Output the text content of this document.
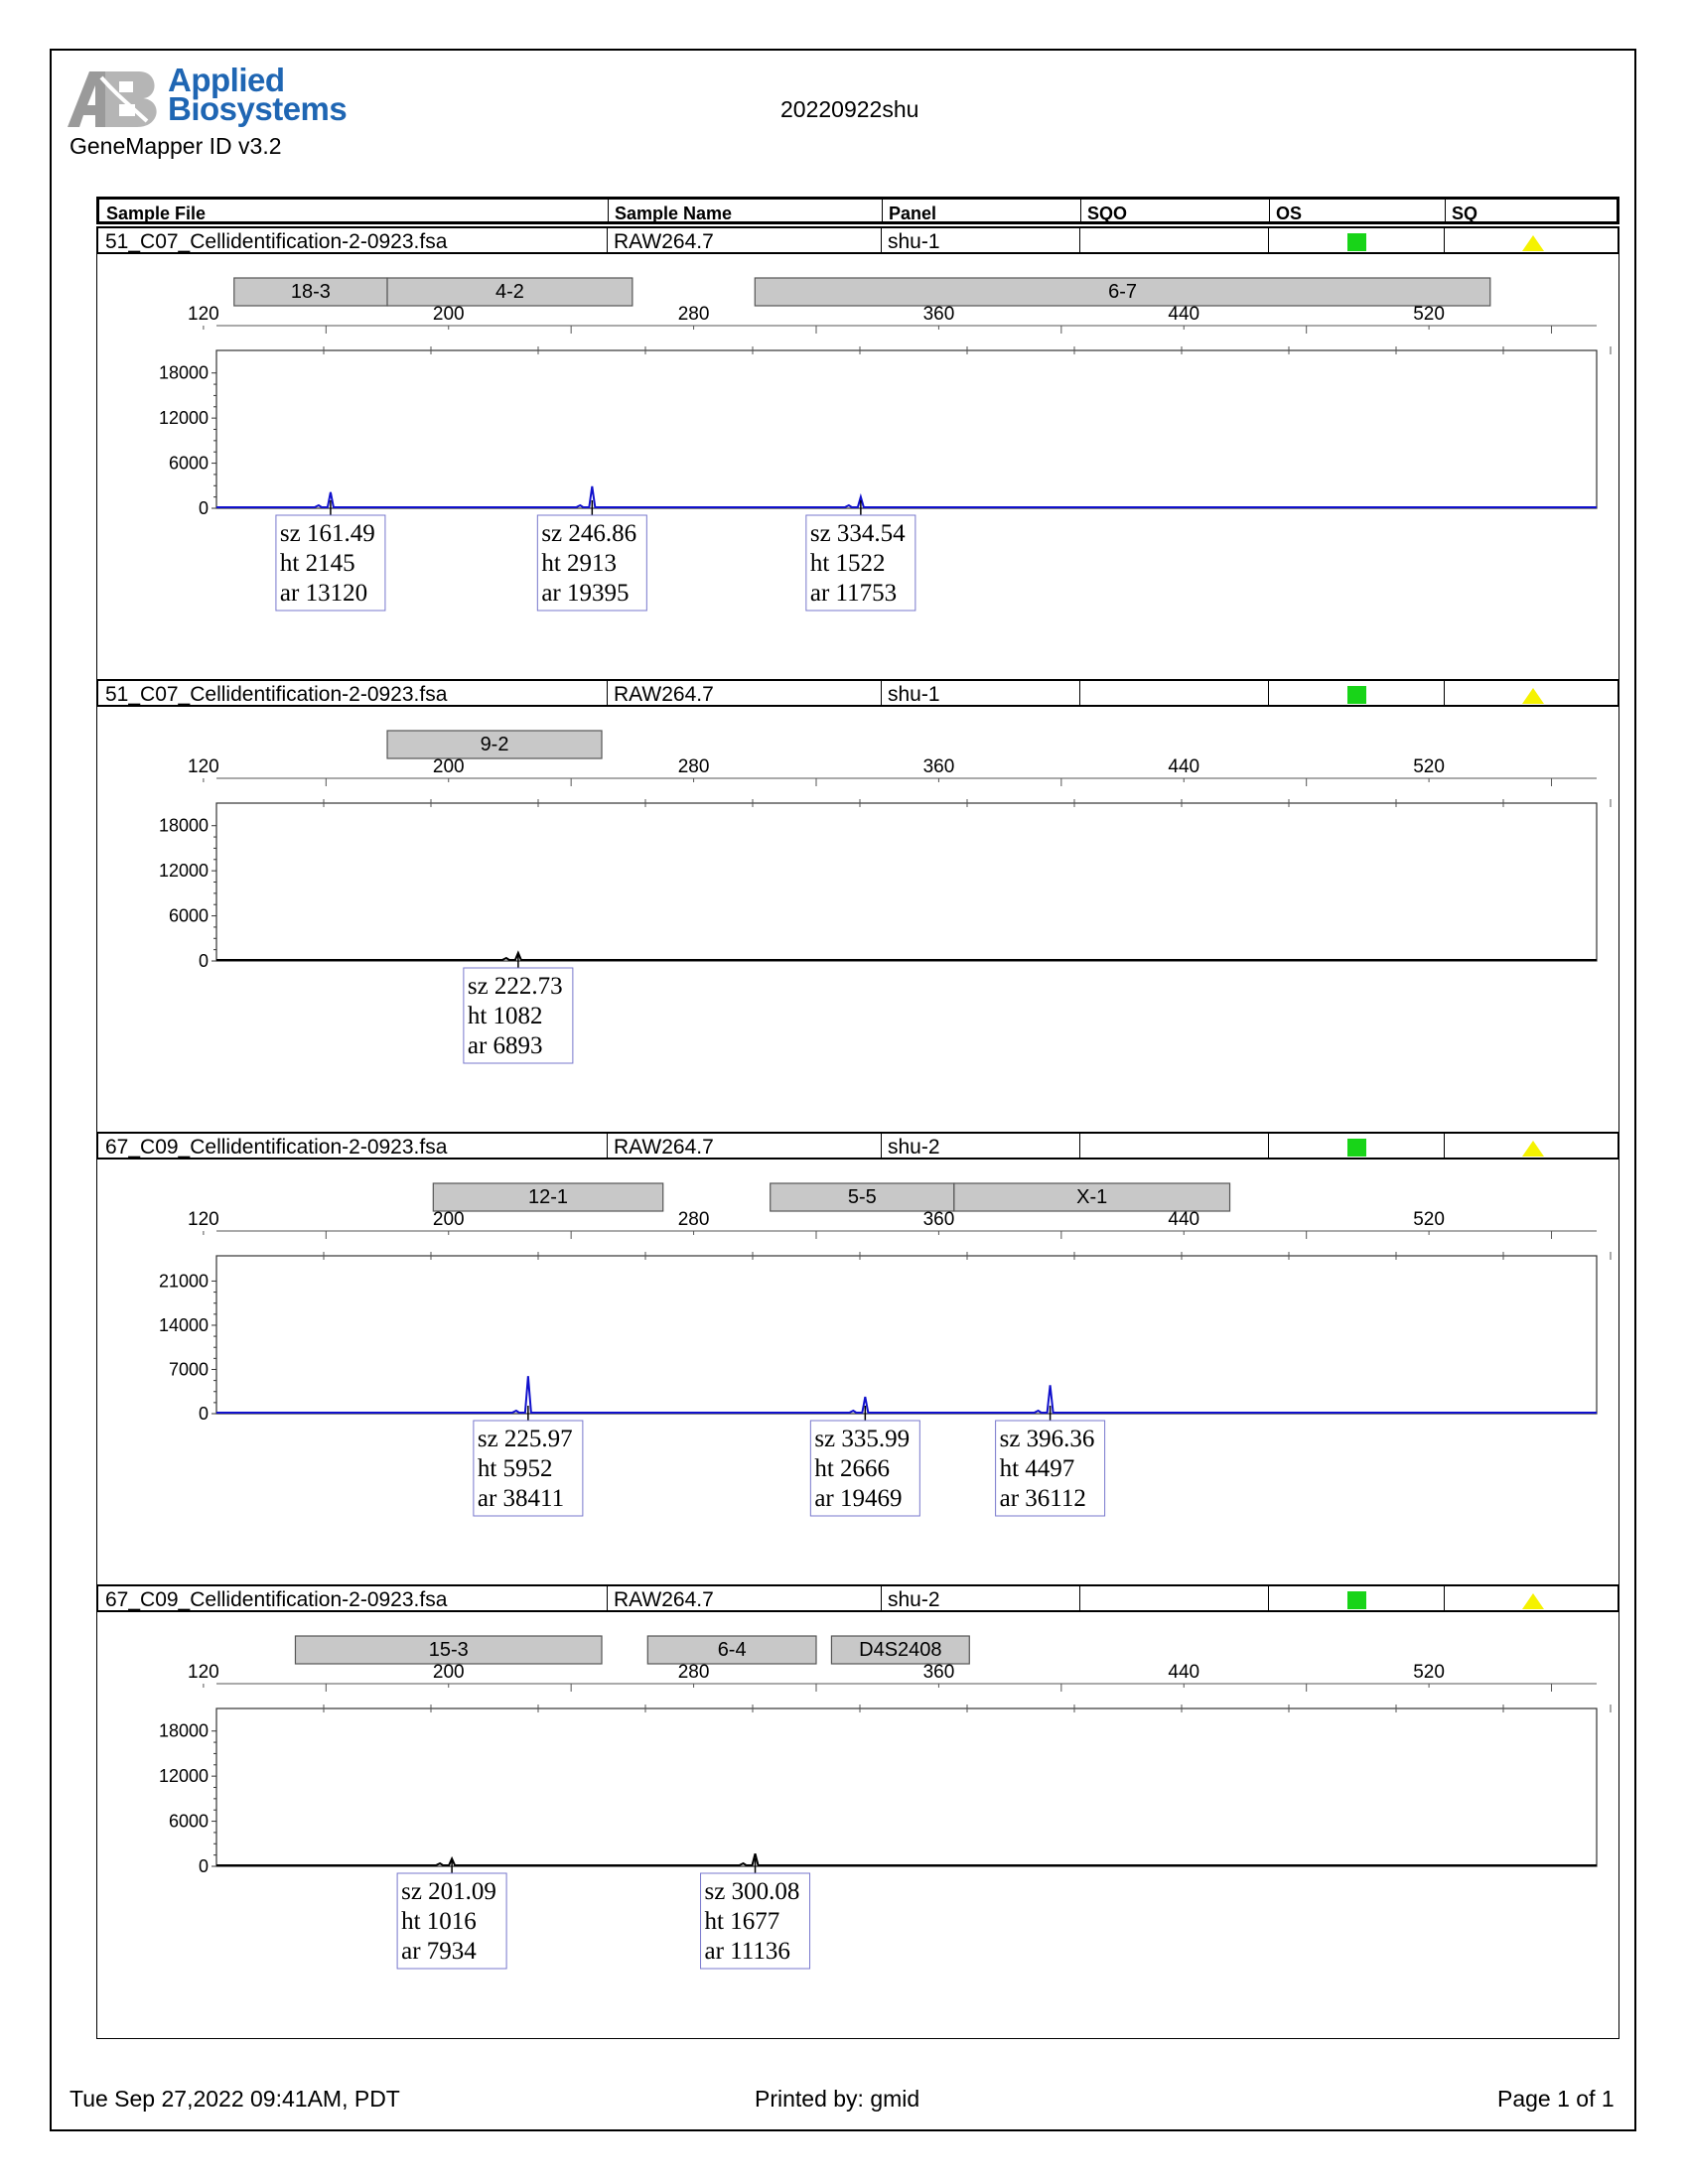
Applied
Biosystems
GeneMapper ID v3.2
20220922shu
Sample File	Sample Name	Panel	SQO	OS	SQ
51_C07_Cellidentification-2-0923.fsa	RAW264.7	shu-1
18-3	4-2	6-7
120	200	280	360	440	520
0
6000
12000
18000
sz 161.49
ht 2145
ar 13120
sz 246.86
ht 2913
ar 19395
sz 334.54
ht 1522
ar 11753
51_C07_Cellidentification-2-0923.fsa	RAW264.7	shu-1
9-2
120	200	280	360	440	520
0
6000
12000
18000
sz 222.73
ht 1082
ar 6893
67_C09_Cellidentification-2-0923.fsa	RAW264.7	shu-2
12-1	5-5	X-1
120	200	280	360	440	520
0
7000
14000
21000
sz 225.97
ht 5952
ar 38411
sz 335.99
ht 2666
ar 19469
sz 396.36
ht 4497
ar 36112
67_C09_Cellidentification-2-0923.fsa	RAW264.7	shu-2
15-3	6-4	D4S2408
120	200	280	360	440	520
0
6000
12000
18000
sz 201.09
ht 1016
ar 7934
sz 300.08
ht 1677
ar 11136
Tue Sep 27,2022 09:41AM, PDT	Printed by: gmid	Page 1 of 1
